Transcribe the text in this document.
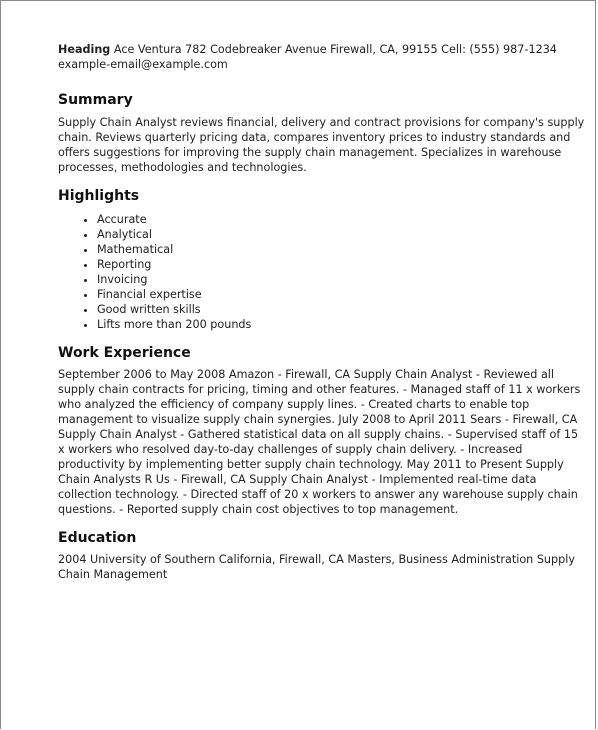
Heading Ace Ventura 782 Codebreaker Avenue Firewall, CA, 99155 Cell: (555) 987-1234 example-email@example.com
Summary
Supply Chain Analyst reviews financial, delivery and contract provisions for company's supply chain. Reviews quarterly pricing data, compares inventory prices to industry standards and offers suggestions for improving the supply chain management. Specializes in warehouse processes, methodologies and technologies.
Highlights
• Accurate
• Analytical
• Mathematical
• Reporting
• Invoicing
• Financial expertise
• Good written skills
• Lifts more than 200 pounds
Work Experience
September 2006 to May 2008 Amazon - Firewall, CA Supply Chain Analyst - Reviewed all supply chain contracts for pricing, timing and other features. - Managed staff of 11 x workers who analyzed the efficiency of company supply lines. - Created charts to enable top management to visualize supply chain synergies. July 2008 to April 2011 Sears - Firewall, CA Supply Chain Analyst - Gathered statistical data on all supply chains. - Supervised staff of 15 x workers who resolved day-to-day challenges of supply chain delivery. - Increased productivity by implementing better supply chain technology. May 2011 to Present Supply Chain Analysts R Us - Firewall, CA Supply Chain Analyst - Implemented real-time data collection technology. - Directed staff of 20 x workers to answer any warehouse supply chain questions. - Reported supply chain cost objectives to top management.
Education
2004 University of Southern California, Firewall, CA Masters, Business Administration Supply Chain Management
